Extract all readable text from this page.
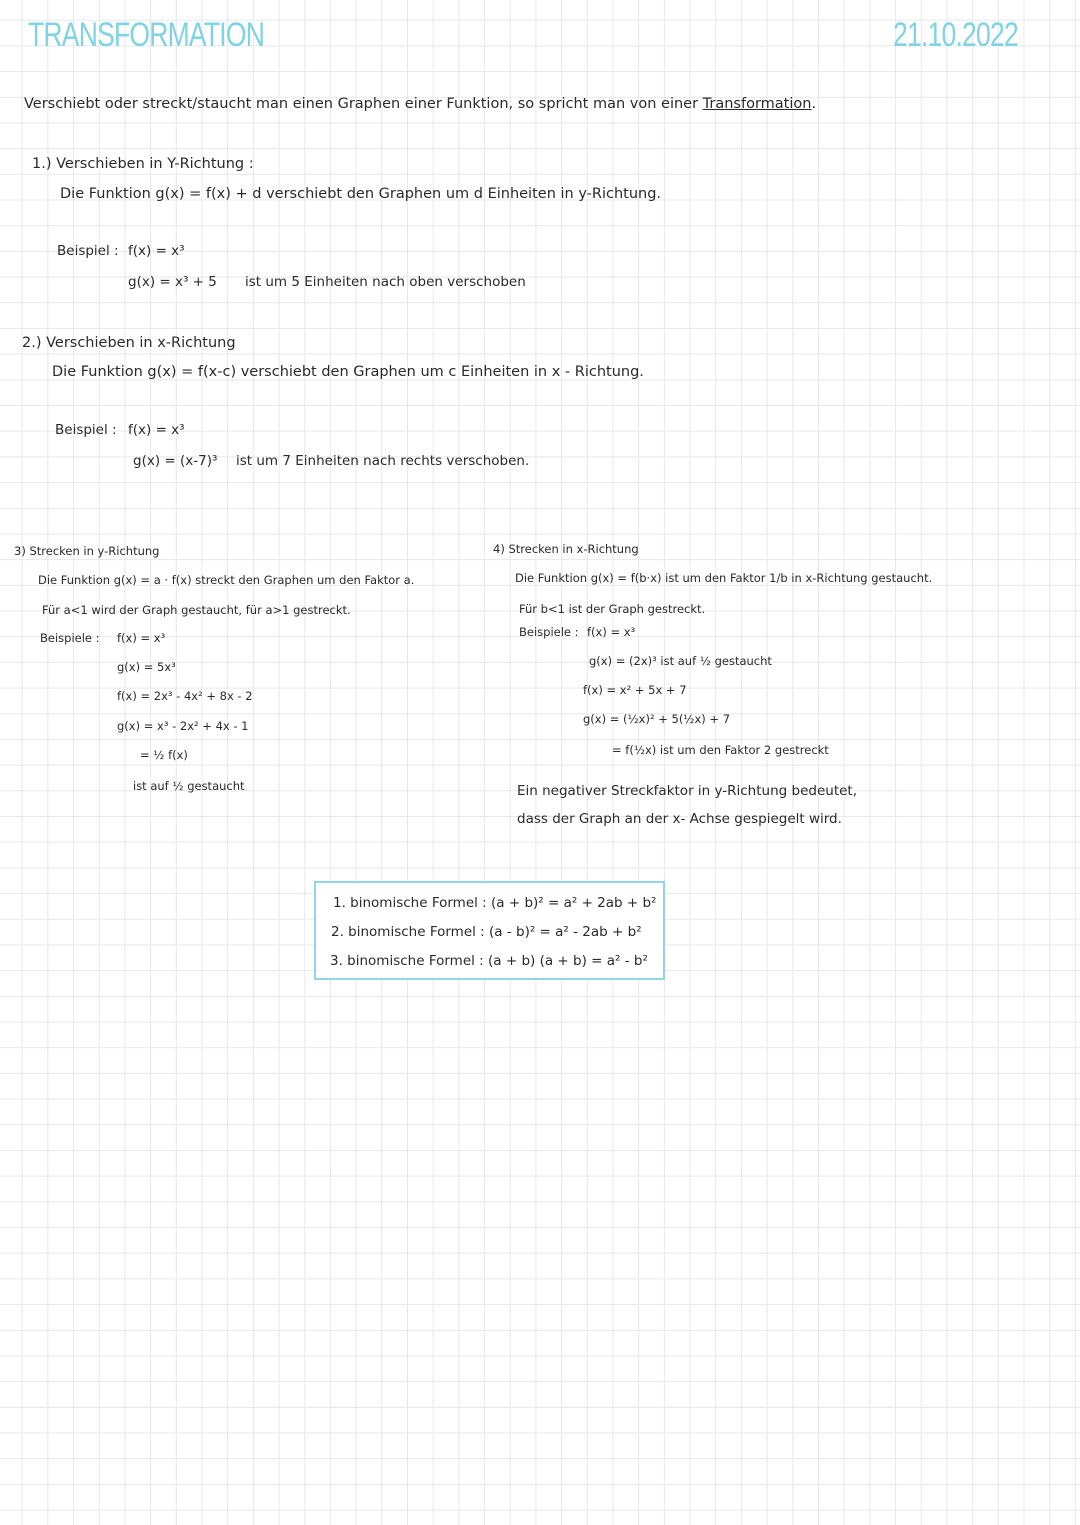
TRANSFORMATION	21.10.2022
Verschiebt oder streckt/staucht man einen Graphen einer Funktion, so spricht man von einer Transformation.
1.) Verschieben in Y-Richtung :
Die Funktion g(x) = f(x) + d verschiebt den Graphen um d Einheiten in y-Richtung.
Beispiel : f(x) = x³
g(x) = x³ + 5 ist um 5 Einheiten nach oben verschoben
2.) Verschieben in x-Richtung
Die Funktion g(x) = f(x-c) verschiebt den Graphen um c Einheiten in x - Richtung.
Beispiel : f(x) = x³
g(x) = (x-7)³ ist um 7 Einheiten nach rechts verschoben.
3) Strecken in y-Richtung
Die Funktion g(x) = a · f(x) streckt den Graphen um den Faktor a.
Für a<1 wird der Graph gestaucht, für a>1 gestreckt.
Beispiele : f(x) = x³
g(x) = 5x³
f(x) = 2x³ - 4x² + 8x - 2
g(x) = x³ - 2x² + 4x - 1
= ½ f(x)
ist auf ½ gestaucht
4) Strecken in x-Richtung
Die Funktion g(x) = f(b·x) ist um den Faktor 1/b in x-Richtung gestaucht.
Für b<1 ist der Graph gestreckt.
Beispiele : f(x) = x³
g(x) = (2x)³ ist auf ½ gestaucht
f(x) = x² + 5x + 7
g(x) = (½x)² + 5(½x) + 7
= f(½x) ist um den Faktor 2 gestreckt
Ein negativer Streckfaktor in y-Richtung bedeutet,
dass der Graph an der x- Achse gespiegelt wird.
1. binomische Formel : (a + b)² = a² + 2ab + b²
2. binomische Formel : (a - b)² = a² - 2ab + b²
3. binomische Formel : (a + b) (a + b) = a² - b²
